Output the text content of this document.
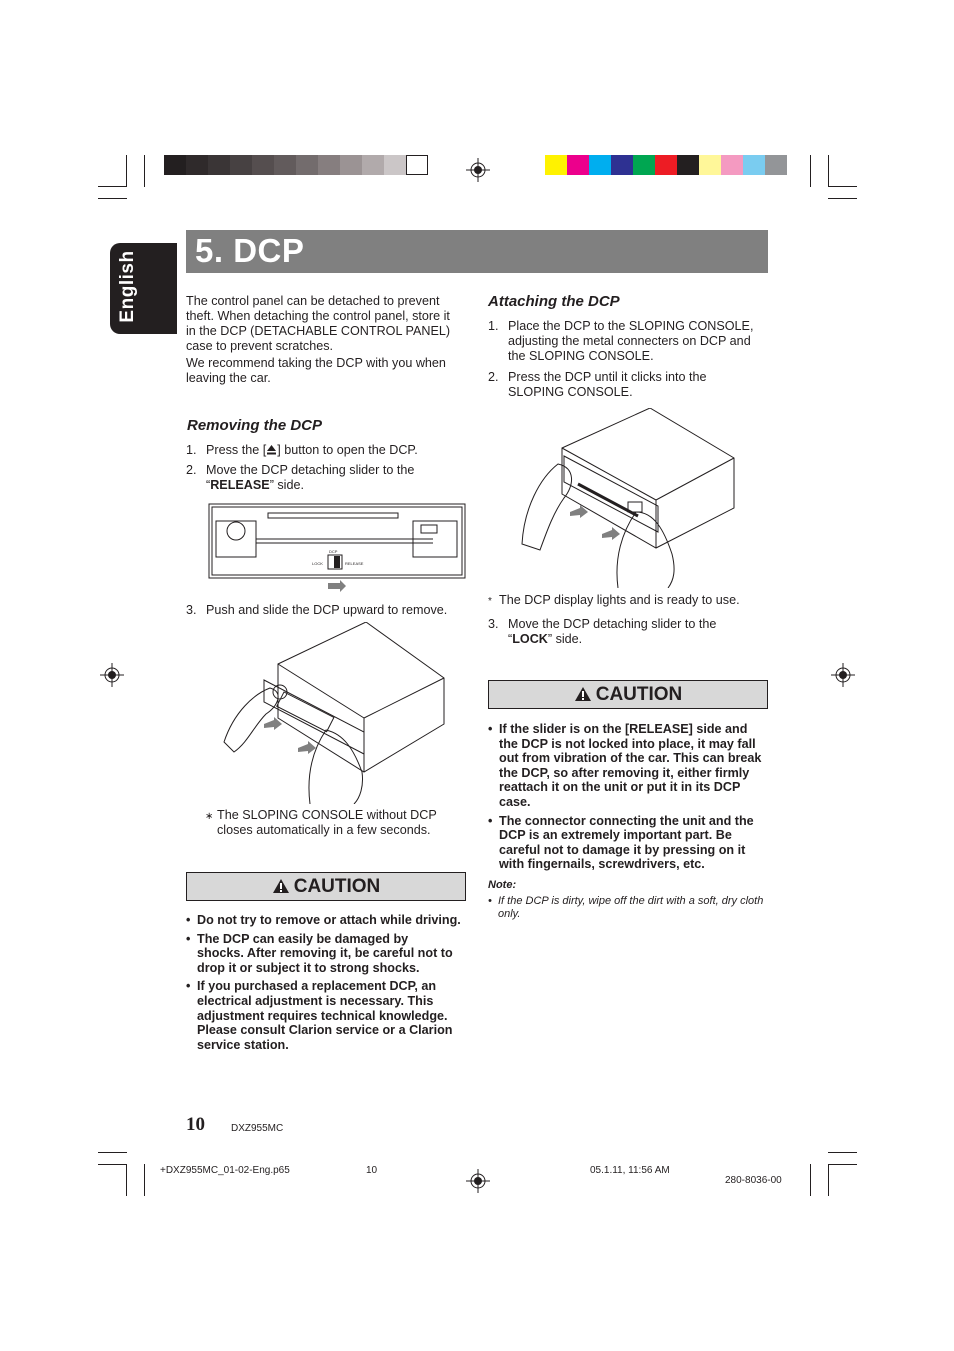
English 5. DCP
The control panel can be detached to prevent theft. When detaching the control panel, store it in the DCP (DETACHABLE CONTROL PANEL) case to prevent scratches.
We recommend taking the DCP with you when leaving the car.
Removing the DCP
1. Press the [ ] button to open the DCP.
2. Move the DCP detaching slider to the “RELEASE” side.
DCP
LOCK	RELEASE
3. Push and slide the DCP upward to remove.
∗ The SLOPING CONSOLE without DCP closes automatically in a few seconds.
CAUTION
• Do not try to remove or attach while driving.
• The DCP can easily be damaged by shocks. After removing it, be careful not to drop it or subject it to strong shocks.
• If you purchased a replacement DCP, an electrical adjustment is necessary. This adjustment requires technical knowledge. Please consult Clarion service or a Clarion service station.
Attaching the DCP
1. Place the DCP to the SLOPING CONSOLE, adjusting the metal connecters on DCP and the SLOPING CONSOLE.
2. Press the DCP until it clicks into the SLOPING CONSOLE.
* The DCP display lights and is ready to use.
3. Move the DCP detaching slider to the “LOCK” side.
CAUTION
• If the slider is on the [RELEASE] side and the DCP is not locked into place, it may fall out from vibration of the car. This can break the DCP, so after removing it, either firmly reattach it on the unit or put it in its DCP case.
• The connector connecting the unit and the DCP is an extremely important part. Be careful not to damage it by pressing on it with fingernails, screwdrivers, etc.
Note:
• If the DCP is dirty, wipe off the dirt with a soft, dry cloth only.
10	DXZ955MC
+DXZ955MC_01-02-Eng.p65	10	05.1.11, 11:56 AM
280-8036-00
